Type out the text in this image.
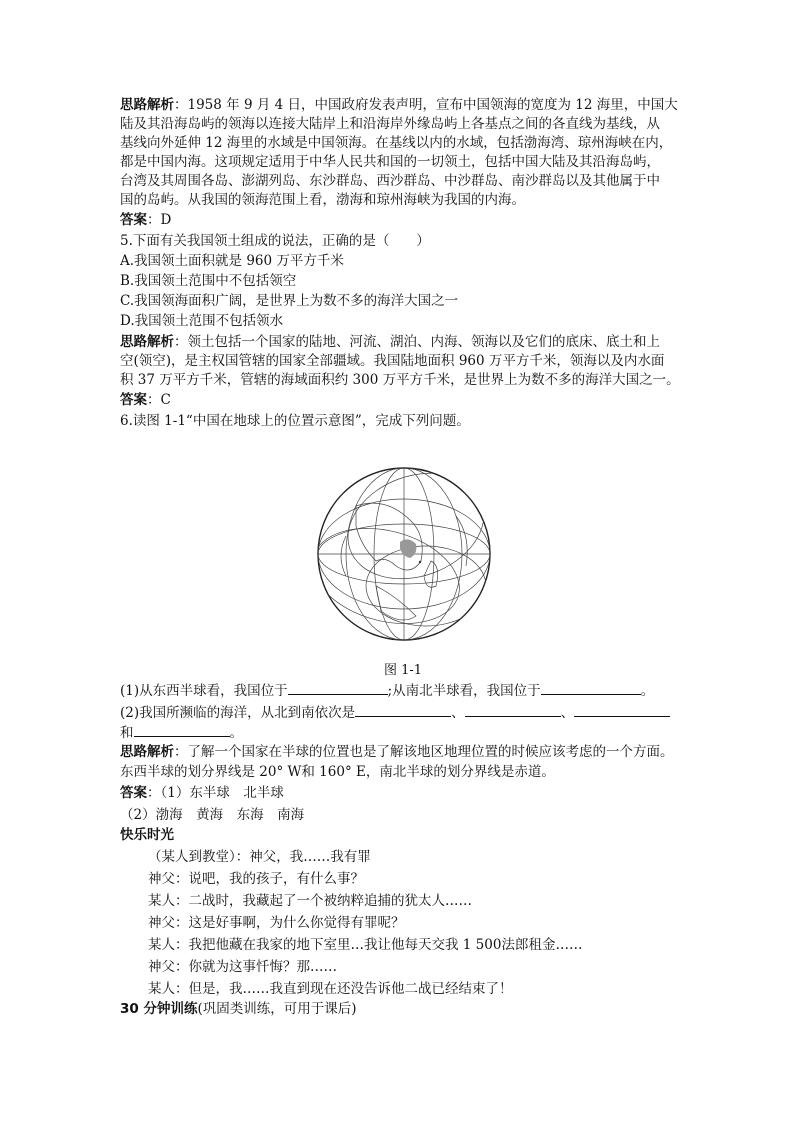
思路解析：1958 年 9 月 4 日，中国政府发表声明，宣布中国领海的宽度为 12 海里，中国大
陆及其沿海岛屿的领海以连接大陆岸上和沿海岸外缘岛屿上各基点之间的各直线为基线，从
基线向外延伸 12 海里的水域是中国领海。在基线以内的水域，包括渤海湾、琼州海峡在内，
都是中国内海。这项规定适用于中华人民共和国的一切领土，包括中国大陆及其沿海岛屿，
台湾及其周围各岛、澎湖列岛、东沙群岛、西沙群岛、中沙群岛、南沙群岛以及其他属于中
国的岛屿。从我国的领海范围上看，渤海和琼州海峡为我国的内海。
答案：D
5.下面有关我国领土组成的说法，正确的是（　　）
A.我国领土面积就是 960 万平方千米
B.我国领土范围中不包括领空
C.我国领海面积广阔，是世界上为数不多的海洋大国之一
D.我国领土范围不包括领水
思路解析：领土包括一个国家的陆地、河流、湖泊、内海、领海以及它们的底床、底土和上
空(领空)，是主权国管辖的国家全部疆域。我国陆地面积 960 万平方千米，领海以及内水面
积 37 万平方千米，管辖的海域面积约 300 万平方千米，是世界上为数不多的海洋大国之一。
答案：C
6.读图 1-1“中国在地球上的位置示意图”，完成下列问题。
图 1-1
(1)从东西半球看，我国位于	;从南北半球看，我国位于	。
(2)我国所濒临的海洋，从北到南依次是	、	、
和	。
思路解析：了解一个国家在半球的位置也是了解该地区地理位置的时候应该考虑的一个方面。
东西半球的划分界线是 20° W和 160° E，南北半球的划分界线是赤道。
答案：（1）东半球　北半球
（2）渤海　黄海　东海　南海
快乐时光
（某人到教堂）：神父，我……我有罪
神父：说吧，我的孩子，有什么事？
某人：二战时，我藏起了一个被纳粹追捕的犹太人……
神父：这是好事啊，为什么你觉得有罪呢？
某人：我把他藏在我家的地下室里…我让他每天交我 1 500法郎租金……
神父：你就为这事忏悔？那……
某人：但是，我……我直到现在还没告诉他二战已经结束了！
30 分钟训练(巩固类训练，可用于课后)
